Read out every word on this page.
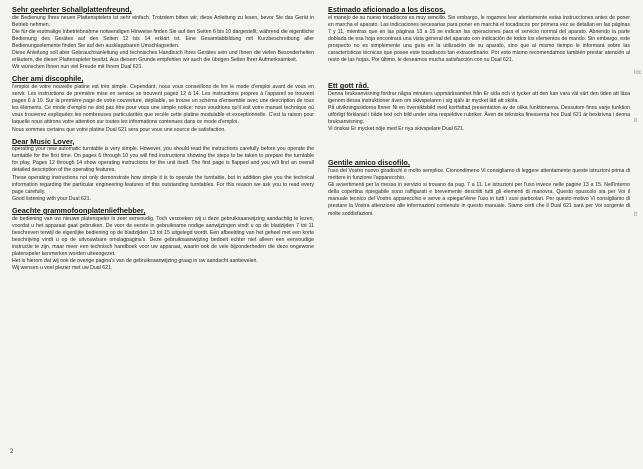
Sehr geehrter Schallplattenfreund,

die Bedienung Ihres neuen Plattenspielers ist sehr einfach. Trotzdem bitten wir, diese Anleitung zu lesen, bevor Sie das Gerät in Betrieb nehmen.

Die für die erstmalige Inbetriebnahme notwendigen Hinweise finden Sie auf den Seiten 6 bis 10 dargestellt, während die eigentliche Bedienung des Gerätes auf den Seiten 12 bis 14 erklärt ist. Eine Gesamtabbildung mit Kurzbeschreibung aller Bedienungselemente finden Sie auf den ausklappbaren Umschlagseiten.

Diese Anleitung soll aber Gebrauchsanleitung und technisches Handbuch Ihres Gerätes sein und Ihnen die vielen Besonderheiten erläutern, die dieser Plattenspieler besitzt. Aus diesem Grunde empfehlen wir auch die übrigen Seiten Ihrer Aufmerksamkeit.

Wir wünschen Ihnen nun viel Freude mit Ihrem Dual 621.

Cher ami discophile,

l'emploi de votre nouvelle platine est très simple. Cependant, nous vous conseillons de lire le mode d'emploi avant de vous en servir. Les instructions de première mise en service se trouvent pages 12 à 14. Les instructions propres à l'appareil se trouvent pages 6 à 10. Sur la première page de votre couverture, dépliable, se trouve un schéma d'ensemble avec une description de tous les éléments. Ce mode d'emploi ne doit pas être pour vous une simple notice: nous voudrions qu'il soit votre manuel technique où vous trouverez expliquées les nombreuses particularités que recèle cette platine modulable et exceptionnelle. C'est la raison pour laquelle nous attirons votre attention sur toutes les informations contenues dans ce mode d'emploi.

Nous sommes certains que votre platine Dual 621 sera pour vous une source de satisfaction.

Dear Music Lover,

operating your new automatic turntable is very simple. However, you should read the instructions carefully before you operate the turntable for the first time. On pages 6 through 10 you will find instructions showing the steps to be taken to prepare the turntable for play. Pages 12 through 14 show operating instructions for the unit itself. The first page is flapped and you will find an overall detailed description of the operating features.

These operating instructions not only demonstrate how simple it is to operate the turntable, but in addition give you the technical information regarding the particular engineering features of this outstanding turntables. For this reason we ask you to read every page carefully.

Good listening with your Dual 621.

Geachte grammofoonplatenliefhebber,

de bediening van uw nieuwe platenspeler is zeer eenvoudig. Toch verzoeken wij u deze gebruiksaanwijzing aandachtig te lezen, voordat u het apparaat gaat gebruiken. De voor de eerste in gebruikname nodige aanwijzingen vindt u op de bladzijden 7 tot 11 beschreven terwijl de eigenlijke bediening op de bladzijden 13 tot 15 uitgelegd wordt. Een afbeelding van het geheel met een korte beschrijving vindt u op de uitvouwbare omslagpagina's. Deze gebruiksaanwijzing bedoelt echter niet alleen een eenvoudige instructie te zijn, maar meer een technisch handboek voor uw apparaat, waarin ook de vele bijzonderheden die deze ongewone platenspeler kenmerken worden uiteengezet.

Het is hierom dat wij ook de overige pagina's van de gebruiksaanwijzing graag in uw aandacht aanbevelen.

Wij wensen u veel plezier met uw Dual 621.

2

Estimado aficionado a los discos,

el manejo de su nuevo tocadiscos es muy sencillo. Sin embargo, le rogamos leer atentamente estas instrucciones antes de poner en marcha el aparato. Las indicaciones necesarias para poner en marcha el tocadiscos por primera vez se detallan en las páginas 7 y 11, mientras que en las páginas 13 a 15 se indican las operaciones para el servicio normal del aparato. Abriendo la parte doblada de esa hoja encontrará una vista general del aparato con indicación de todos los elementos de mando. Sin embargo, este prospecto no es simplemente una guía en la utilización de su aparato, sino que al mismo tiempo le informará sobre las características técnicas que posee este tocadiscos tan extraordinario. Por esto mismo recomendamos también prestar atención al resto de las hojas. Por último, le deseamos mucha satisfacción con su Dual 621.

Ett gott råd.

Denna bruksanvisning fordrar några minuters uppmärksamhet från Er sida och vi tycker att den kan vara väl värt den tiden att läsa igenom dessa instruktioner även om skivspelaren i sig själv är mycket lätt att sköta.

På utvikningssidorna finner Ni en översiktsbild med kortfattad presentation av de olika funktionerna. Dessutom finns varje funktion utförligt förklarad i både text och bild under sina respektive rubriker. Även de tekniska finesserna hos Dual 621 är beskrivna i denna bruksanvisning.

Vi önskar Er mycket nöje med Er nya skivspelare Dual 621.

Gentile amico discofilo,

l'uso del Vostro nuovo giradischi è molto semplice. Cionondimeno Vi consigliamo di leggere attentamente queste istruzioni prima di mettere in funzione l'apparecchio.

Gli avvertimenti per la messa in servizio si trovano da pag. 7 a 11. Le istruzioni per l'uso invece nelle pagine 13 a 15. Nell'interno della copertina ripiegabile sono raffigurati e brevemente descritti tutti gli elementi di manovra. Questo opuscolo sia per Voi il manuale tecnico del Vostro apparecchio e serve a spiegarVene l'uso in tutti i suoi particolari. Per questo motivo Vi consigliamo di prestare la Vostra attenzione alle informazioni contenute in questo manuale. Siamo certi che il Dual 621 sarà per Voi sorgente di molte soddisfazioni.

loc
it
it
